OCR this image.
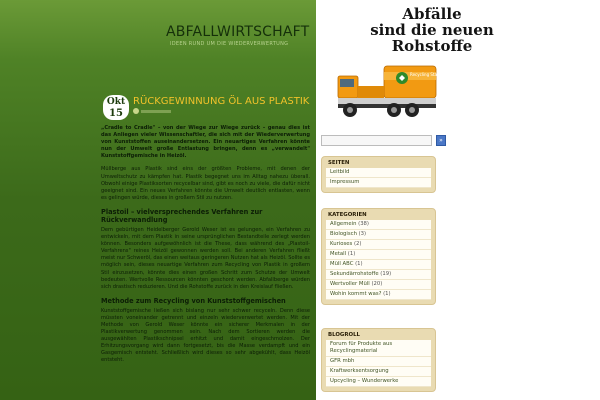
ABFALLWIRTSCHAFT
IDEEN RUND UM DIE WIEDERVERWERTUNG
Okt
15
RÜCKGEWINNUNG ÖL AUS PLASTIK

„Cradle to Cradle" – von der Wiege zur Wiege zurück – genau dies ist das Anliegen vieler Wissenschaftler, die sich mit der Wiederverwertung von Kunststoffen auseinandersetzen. Ein neuartiges Verfahren könnte nun der Umwelt große Entlastung bringen, denn es „verwandelt" Kunststoffgemische in Heizöl.

Müllberge aus Plastik sind eins der größten Probleme, mit denen der Umweltschutz zu kämpfen hat. Plastik begegnet uns im Alltag nahezu überall. Obwohl einige Plastiksorten recycelbar sind, gibt es noch zu viele, die dafür nicht geeignet sind. Ein neues Verfahren könnte die Umwelt deutlich entlasten, wenn es gelingen würde, dieses in großem Stil zu nutzen.

Plastoil – vielversprechendes Verfahren zur Rückverwandlung

Dem gebürtigen Heidelberger Gerold Weser ist es gelungen, ein Verfahren zu entwickeln, mit dem Plastik in seine ursprünglichen Bestandteile zerlegt werden können. Besonders aufgewöhnlich ist die These, dass während des „Plastoil-Verfahrens" reines Heizöl gewonnen werden soll. Bei anderen Verfahren fließt meist nur Schweröl, das einen weitaus geringeren Nutzen hat als Heizöl. Sollte es möglich sein, dieses neuartige Verfahren zum Recycling von Plastik in großem Stil einzusetzen, könnte dies einen großen Schritt zum Schutze der Umwelt bedeuten. Wertvolle Ressourcen könnten geschont werden. Abfallberge würden sich drastisch reduzieren. Und die Rohstoffe zurück in den Kreislauf fließen.

Methode zum Recycling von Kunststoffgemischen

Kunststoffgemische ließen sich bislang nur sehr schwer recyceln. Denn diese müssten voneinander getrennt und einzeln wiederverwertet werden. Mit der Methode von Gerold Weser könnte ein sicherer Merkmalen in der Plastikverwertung genommen sein. Nach dem Sortieren werden die ausgewählten Plastikschnipsel erhitzt und damit eingeschmolzen. Der Erhitzungsvorgang wird dann fortgesetzt, bis die Masse verdampft und ein Gasgemisch entsteht. Schließlich wird dieses so sehr abgekühlt, dass Heizöl entsteht.

Abfälle
sind die neuen
Rohstoffe
Recycling Station
»
SEITEN
Leitbild
Impressum
KATEGORIEN
Allgemein (38)
Biologisch (3)
Kurioses (2)
Metall (1)
Müll ABC (1)
Sekundärrohstoffe (19)
Wertvoller Müll (20)
Wohin kommt was? (1)
BLOGROLL
Forum für Produkte aus Recyclingmaterial
GFR mbh
Kraftwerksentsorgung
Upcycling – Wunderwerke
